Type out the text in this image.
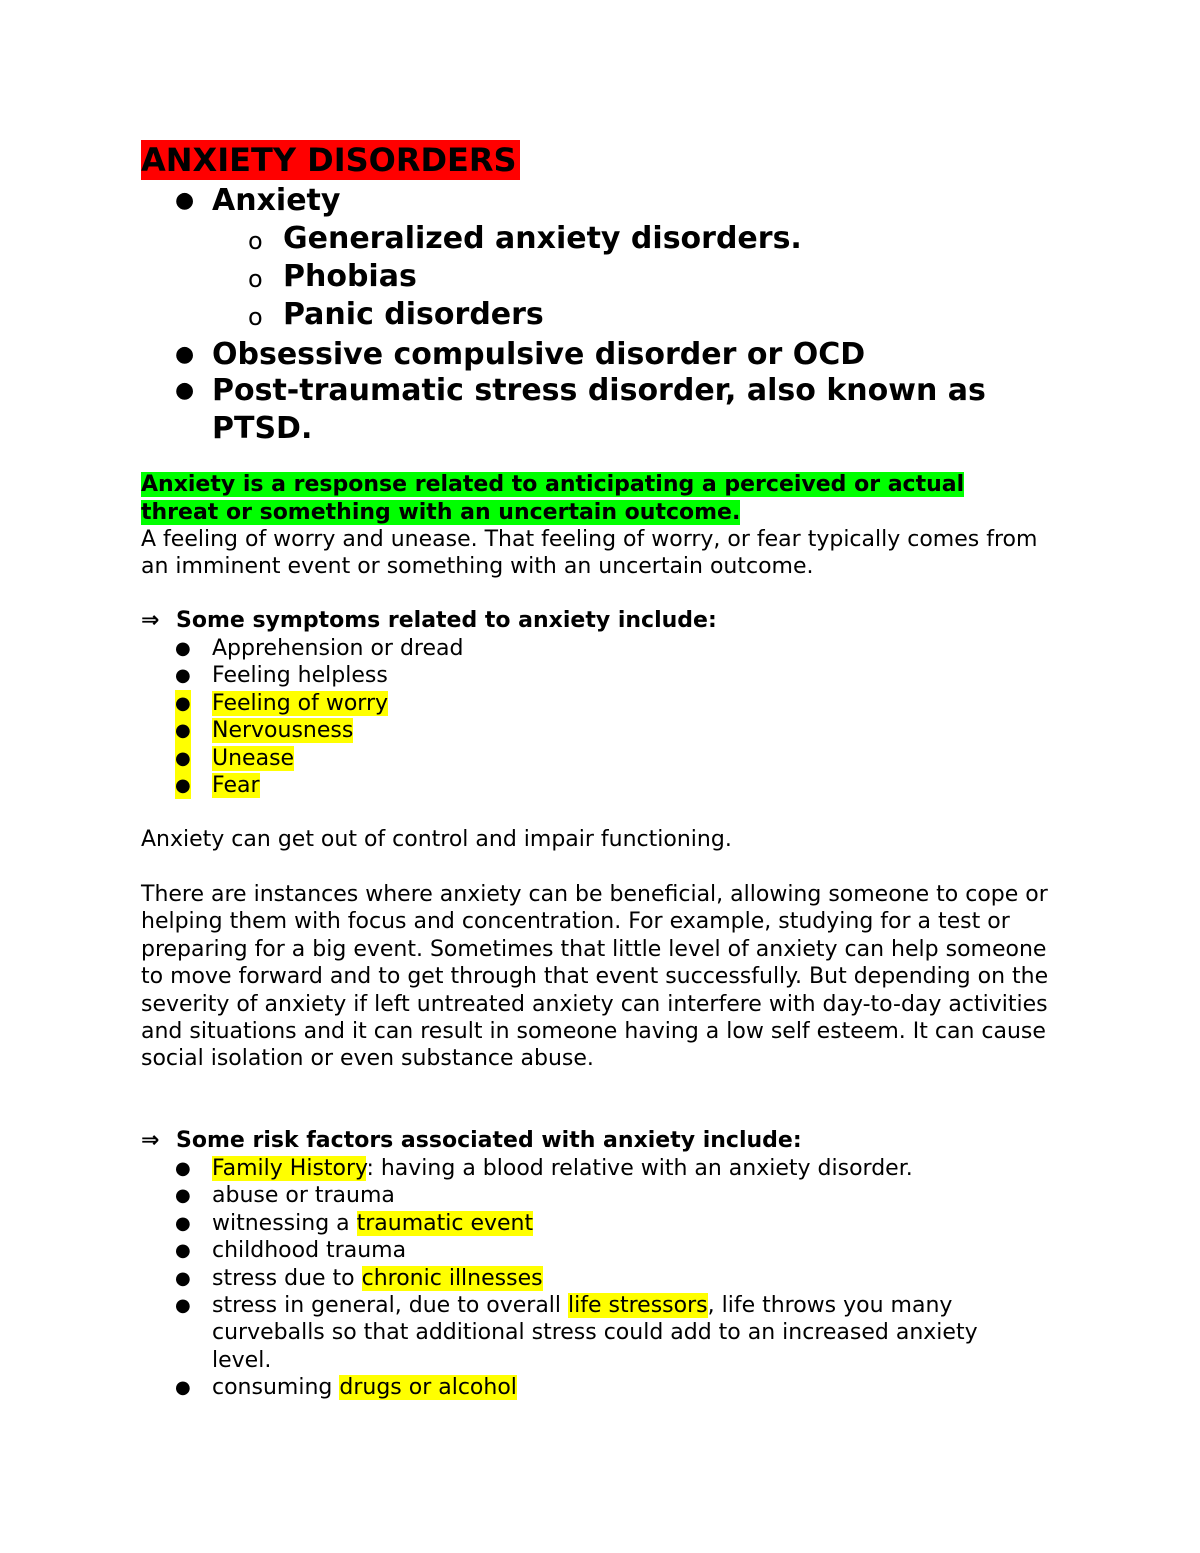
ANXIETY DISORDERS
● Anxiety
o Generalized anxiety disorders.
o Phobias
o Panic disorders
● Obsessive compulsive disorder or OCD
● Post-traumatic stress disorder, also known as PTSD.
Anxiety is a response related to anticipating a perceived or actual threat or something with an uncertain outcome.
A feeling of worry and unease. That feeling of worry, or fear typically comes from an imminent event or something with an uncertain outcome.
⇒ Some symptoms related to anxiety include:
● Apprehension or dread
● Feeling helpless
● Feeling of worry
● Nervousness
● Unease
● Fear
Anxiety can get out of control and impair functioning.
There are instances where anxiety can be beneficial, allowing someone to cope or helping them with focus and concentration. For example, studying for a test or preparing for a big event. Sometimes that little level of anxiety can help someone to move forward and to get through that event successfully. But depending on the severity of anxiety if left untreated anxiety can interfere with day-to-day activities and situations and it can result in someone having a low self esteem. It can cause social isolation or even substance abuse.
⇒ Some risk factors associated with anxiety include:
● Family History: having a blood relative with an anxiety disorder.
● abuse or trauma
● witnessing a traumatic event
● childhood trauma
● stress due to chronic illnesses
● stress in general, due to overall life stressors, life throws you many curveballs so that additional stress could add to an increased anxiety level.
● consuming drugs or alcohol
